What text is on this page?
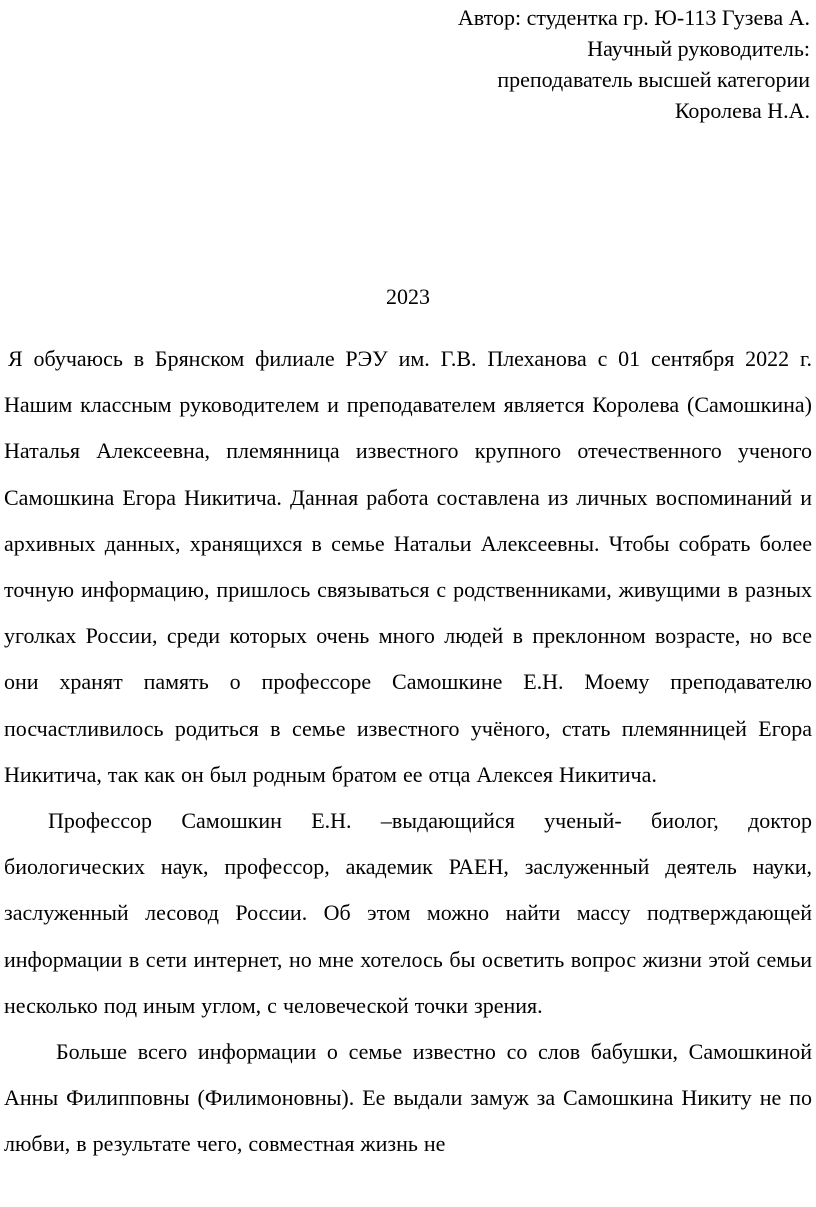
Автор: студентка гр. Ю-113 Гузева А.
Научный руководитель:
преподаватель высшей категории
Королева Н.А.
2023

Я обучаюсь в Брянском филиале РЭУ им. Г.В. Плеханова с 01 сентября 2022 г. Нашим классным руководителем и преподавателем является Королева (Самошкина) Наталья Алексеевна, племянница известного крупного отечественного ученого Самошкина Егора Никитича. Данная работа составлена из личных воспоминаний и архивных данных, хранящихся в семье Натальи Алексеевны. Чтобы собрать более точную информацию, пришлось связываться с родственниками, живущими в разных уголках России, среди которых очень много людей в преклонном возрасте, но все они хранят память о профессоре Самошкине Е.Н. Моему преподавателю посчастливилось родиться в семье известного учёного, стать племянницей Егора Никитича, так как он был родным братом ее отца Алексея Никитича.

Профессор Самошкин Е.Н. –выдающийся ученый- биолог, доктор биологических наук, профессор, академик РАЕН, заслуженный деятель науки, заслуженный лесовод России. Об этом можно найти массу подтверждающей информации в сети интернет, но мне хотелось бы осветить вопрос жизни этой семьи несколько под иным углом, с человеческой точки зрения.

Больше всего информации о семье известно со слов бабушки, Самошкиной Анны Филипповны (Филимоновны). Ее выдали замуж за Самошкина Никиту не по любви, в результате чего, совместная жизнь не
